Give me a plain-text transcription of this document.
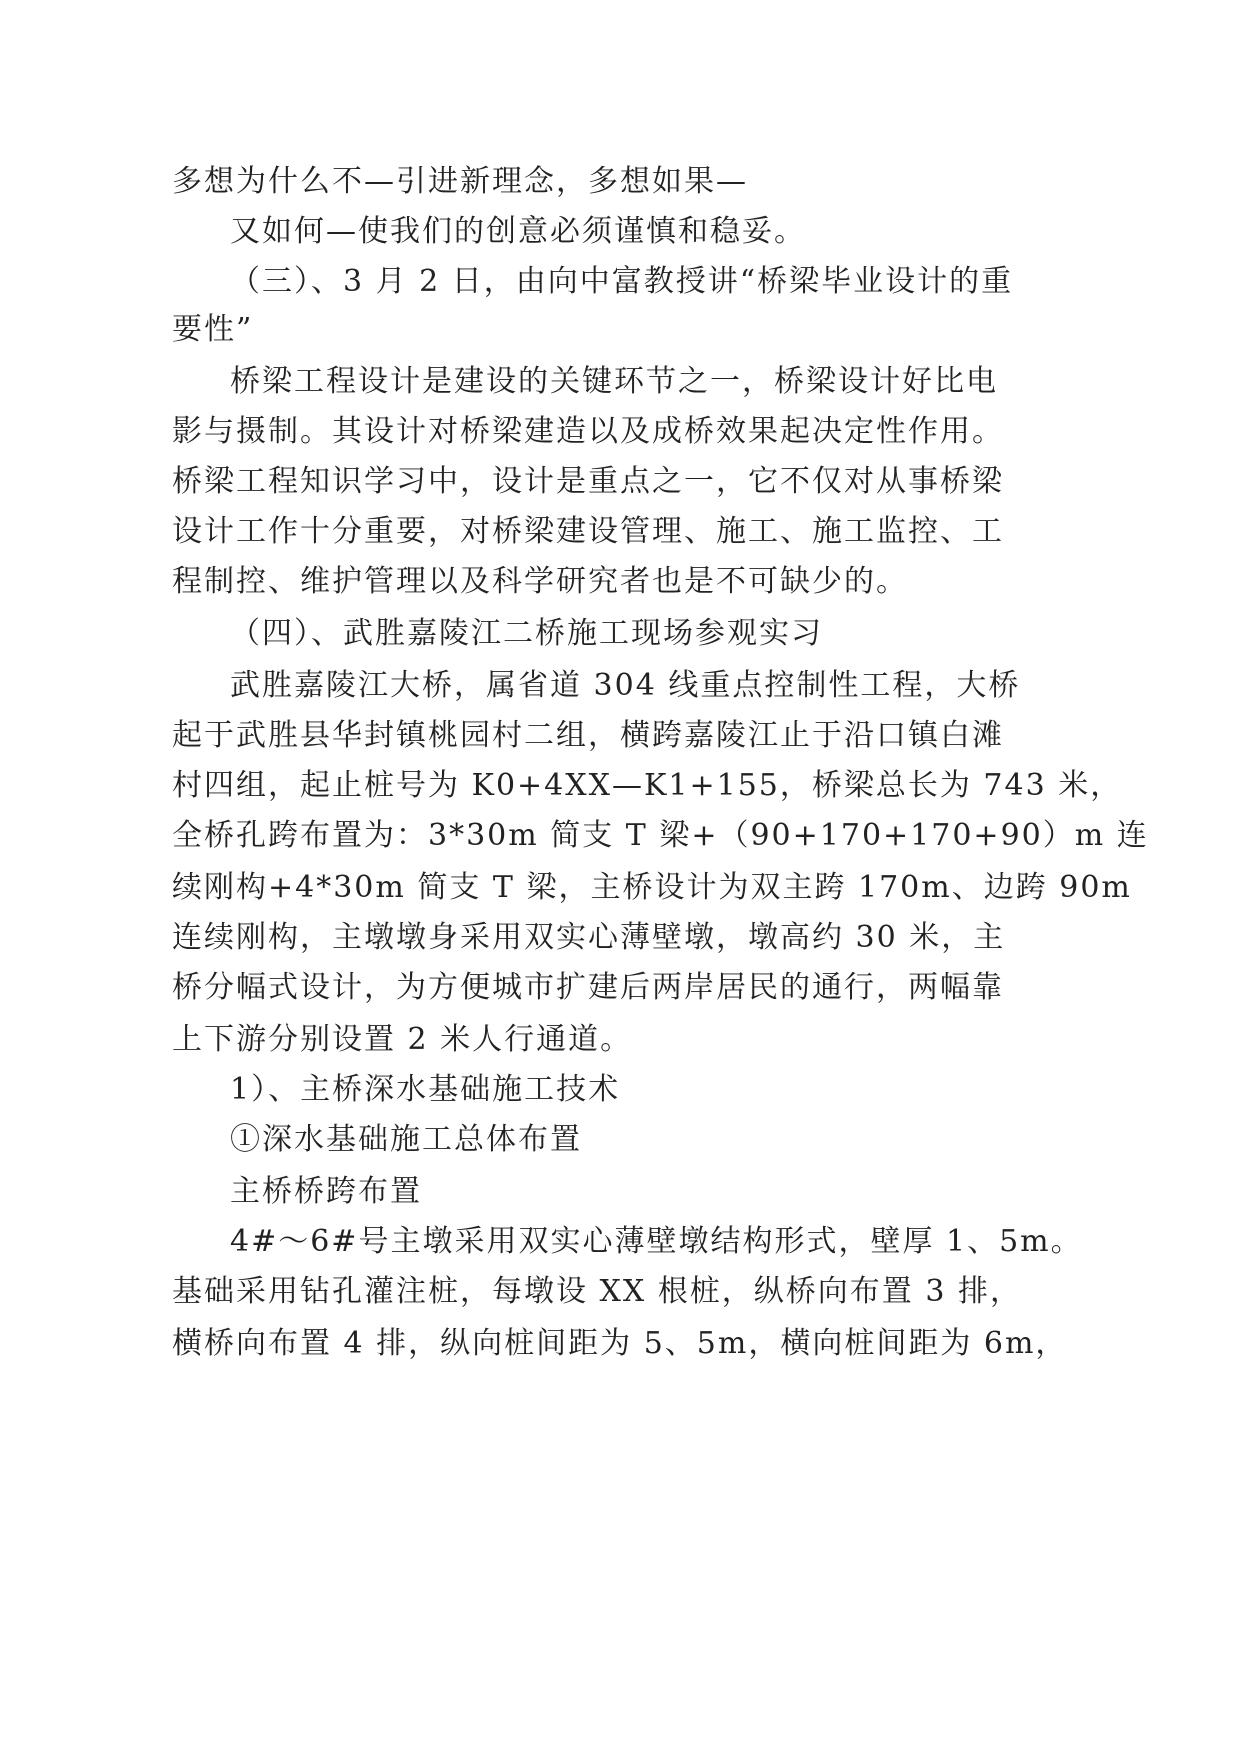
多想为什么不—引进新理念，多想如果—

又如何—使我们的创意必须谨慎和稳妥。

（三）、3 月 2 日，由向中富教授讲“桥梁毕业设计的重

要性”

桥梁工程设计是建设的关键环节之一，桥梁设计好比电

影与摄制。其设计对桥梁建造以及成桥效果起决定性作用。

桥梁工程知识学习中，设计是重点之一，它不仅对从事桥梁

设计工作十分重要，对桥梁建设管理、施工、施工监控、工

程制控、维护管理以及科学研究者也是不可缺少的。

（四）、武胜嘉陵江二桥施工现场参观实习

武胜嘉陵江大桥，属省道 304 线重点控制性工程，大桥

起于武胜县华封镇桃园村二组，横跨嘉陵江止于沿口镇白滩

村四组，起止桩号为 K0+4XX—K1+155，桥梁总长为 743 米，

全桥孔跨布置为：3*30m 简支 T 梁+（90+170+170+90）m 连

续刚构+4*30m 简支 T 梁，主桥设计为双主跨 170m、边跨 90m

连续刚构，主墩墩身采用双实心薄壁墩，墩高约 30 米，主

桥分幅式设计，为方便城市扩建后两岸居民的通行，两幅靠

上下游分别设置 2 米人行通道。

1）、主桥深水基础施工技术

①深水基础施工总体布置

主桥桥跨布置

4#～6#号主墩采用双实心薄壁墩结构形式，壁厚 1、5m。

基础采用钻孔灌注桩，每墩设 XX 根桩，纵桥向布置 3 排，

横桥向布置 4 排，纵向桩间距为 5、5m，横向桩间距为 6m，
